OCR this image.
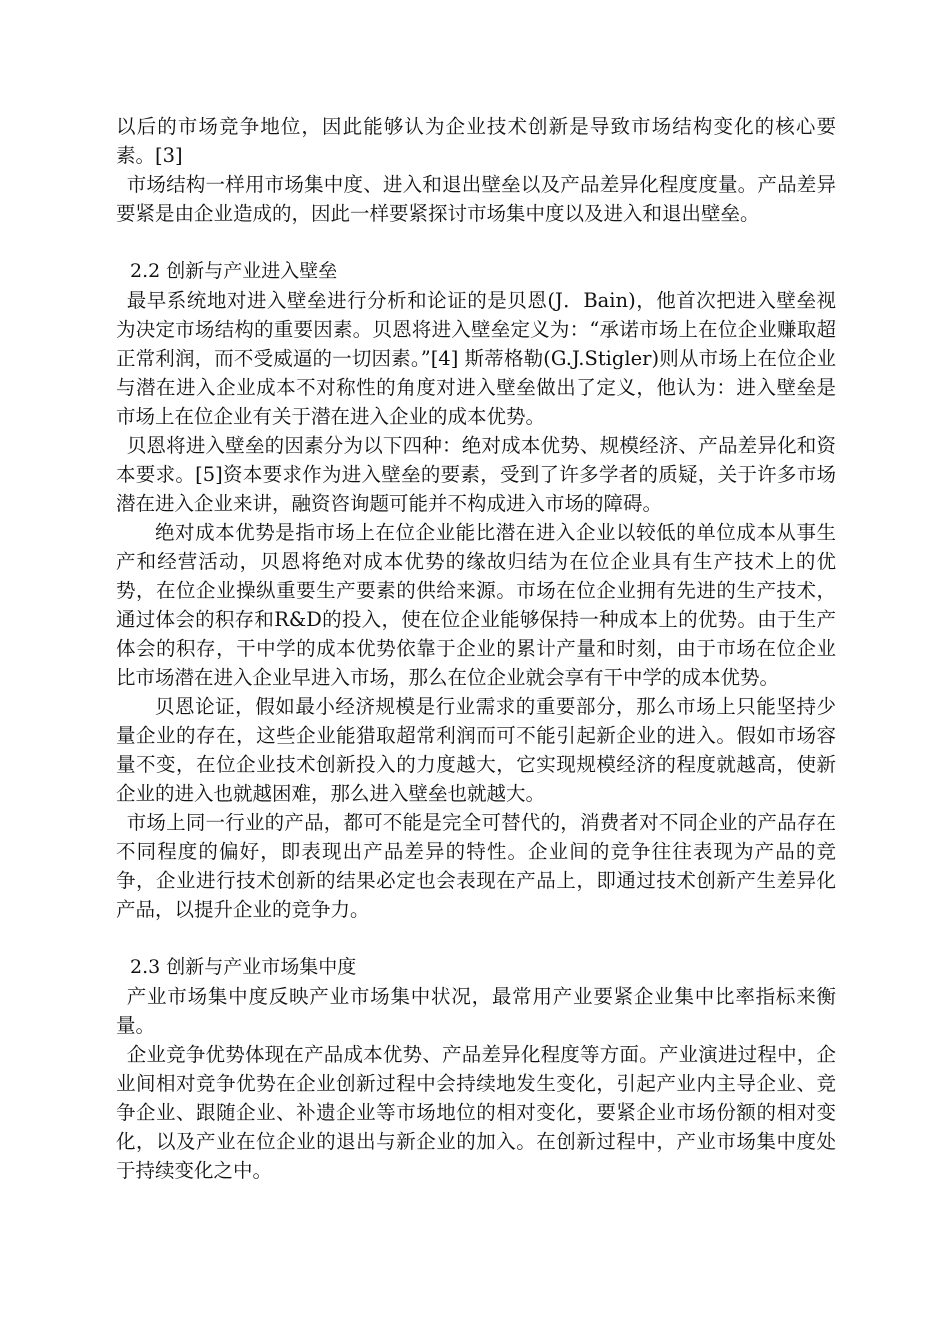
以后的市场竞争地位，因此能够认为企业技术创新是导致市场结构变化的核心要素。[3]

市场结构一样用市场集中度、进入和退出壁垒以及产品差异化程度度量。产品差异要紧是由企业造成的，因此一样要紧探讨市场集中度以及进入和退出壁垒。

2.2 创新与产业进入壁垒

最早系统地对进入壁垒进行分析和论证的是贝恩(J．Bain)，他首次把进入壁垒视为决定市场结构的重要因素。贝恩将进入壁垒定义为：“承诺市场上在位企业赚取超正常利润，而不受威逼的一切因素。”[4] 斯蒂格勒(G.J.Stigler)则从市场上在位企业与潜在进入企业成本不对称性的角度对进入壁垒做出了定义，他认为：进入壁垒是市场上在位企业有关于潜在进入企业的成本优势。

贝恩将进入壁垒的因素分为以下四种：绝对成本优势、规模经济、产品差异化和资本要求。[5]资本要求作为进入壁垒的要素，受到了许多学者的质疑，关于许多市场潜在进入企业来讲，融资咨询题可能并不构成进入市场的障碍。

绝对成本优势是指市场上在位企业能比潜在进入企业以较低的单位成本从事生产和经营活动，贝恩将绝对成本优势的缘故归结为在位企业具有生产技术上的优势，在位企业操纵重要生产要素的供给来源。市场在位企业拥有先进的生产技术，通过体会的积存和R&D的投入，使在位企业能够保持一种成本上的优势。由于生产体会的积存，干中学的成本优势依靠于企业的累计产量和时刻，由于市场在位企业比市场潜在进入企业早进入市场，那么在位企业就会享有干中学的成本优势。

贝恩论证，假如最小经济规模是行业需求的重要部分，那么市场上只能坚持少量企业的存在，这些企业能猎取超常利润而可不能引起新企业的进入。假如市场容量不变，在位企业技术创新投入的力度越大，它实现规模经济的程度就越高，使新企业的进入也就越困难，那么进入壁垒也就越大。

市场上同一行业的产品，都可不能是完全可替代的，消费者对不同企业的产品存在不同程度的偏好，即表现出产品差异的特性。企业间的竞争往往表现为产品的竞争，企业进行技术创新的结果必定也会表现在产品上，即通过技术创新产生差异化产品，以提升企业的竞争力。

2.3 创新与产业市场集中度

产业市场集中度反映产业市场集中状况，最常用产业要紧企业集中比率指标来衡量。

企业竞争优势体现在产品成本优势、产品差异化程度等方面。产业演进过程中，企业间相对竞争优势在企业创新过程中会持续地发生变化，引起产业内主导企业、竞争企业、跟随企业、补遗企业等市场地位的相对变化，要紧企业市场份额的相对变化，以及产业在位企业的退出与新企业的加入。在创新过程中，产业市场集中度处于持续变化之中。
